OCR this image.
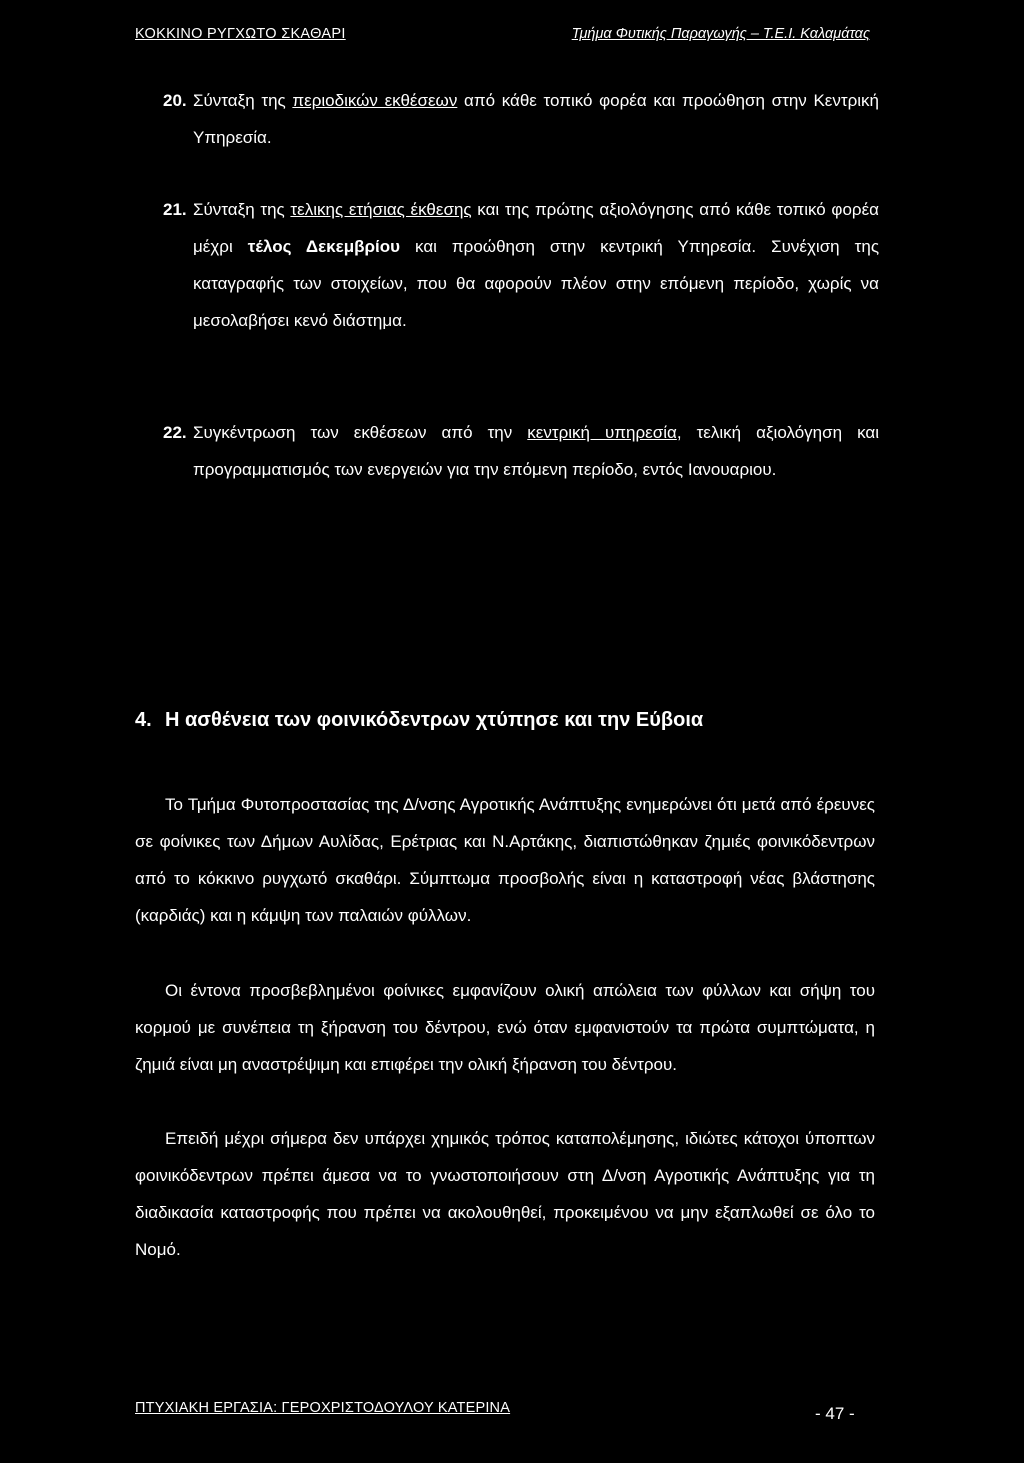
ΚΟΚΚΙΝΟ ΡΥΓΧΩΤΟ ΣΚΑΘΑΡΙ	Τμήμα Φυτικής Παραγωγής – Τ.Ε.Ι. Καλαμάτας
20. Σύνταξη της περιοδικών εκθέσεων από κάθε τοπικό φορέα και προώθηση στην Κεντρική Υπηρεσία.
21. Σύνταξη της τελικης ετήσιας έκθεσης και της πρώτης αξιολόγησης από κάθε τοπικό φορέα μέχρι τέλος Δεκεμβρίου και προώθηση στην κεντρική Υπηρεσία. Συνέχιση της καταγραφής των στοιχείων, που θα αφορούν πλέον στην επόμενη περίοδο, χωρίς να μεσολαβήσει κενό διάστημα.
22. Συγκέντρωση των εκθέσεων από την κεντρική υπηρεσία, τελική αξιολόγηση και προγραμματισμός των ενεργειών για την επόμενη περίοδο, εντός Ιανουαριου.
4. Η ασθένεια των φοινικόδεντρων χτύπησε και την Εύβοια

Το Τμήμα Φυτοπροστασίας της Δ/νσης Αγροτικής Ανάπτυξης ενημερώνει ότι μετά από έρευνες σε φοίνικες των Δήμων Αυλίδας, Ερέτριας και Ν.Αρτάκης, διαπιστώθηκαν ζημιές φοινικόδεντρων από το κόκκινο ρυγχωτό σκαθάρι. Σύμπτωμα προσβολής είναι η καταστροφή νέας βλάστησης (καρδιάς) και η κάμψη των παλαιών φύλλων.

Οι έντονα προσβεβλημένοι φοίνικες εμφανίζουν ολική απώλεια των φύλλων και σήψη του κορμού με συνέπεια τη ξήρανση του δέντρου, ενώ όταν εμφανιστούν τα πρώτα συμπτώματα, η ζημιά είναι μη αναστρέψιμη και επιφέρει την ολική ξήρανση του δέντρου.

Επειδή μέχρι σήμερα δεν υπάρχει χημικός τρόπος καταπολέμησης, ιδιώτες κάτοχοι ύποπτων φοινικόδεντρων πρέπει άμεσα να το γνωστοποιήσουν στη Δ/νση Αγροτικής Ανάπτυξης για τη διαδικασία καταστροφής που πρέπει να ακολουθηθεί, προκειμένου να μην εξαπλωθεί σε όλο το Νομό.

ΠΤΥΧΙΑΚΗ ΕΡΓΑΣΙΑ: ΓΕΡΟΧΡΙΣΤΟΔΟΥΛΟΥ ΚΑΤΕΡΙΝΑ	- 47 -
